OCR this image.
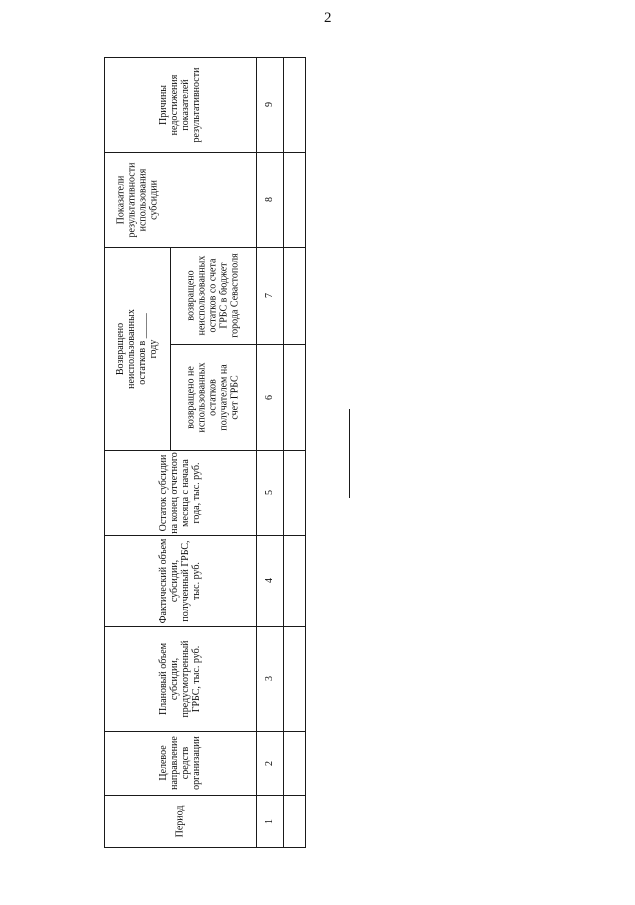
2
Причины недостижения показателей результативности
Показатели результативности использования субсидии
Возвращено неиспользованных остатков в _____ году
возвращено неиспользованных остатков со счета ГРБС в бюджет города Севастополя
возвращено не использованных остатков получателем на счет ГРБС
Остаток субсидии на конец отчетного месяца с начала года, тыс. руб.
Фактический объем субсидии, полученный ГРБС, тыс. руб.
Плановый объем субсидии, предусмотренный ГРБС, тыс. руб.
Целевое направление средств организации
Период
9
8
7
6
5
4
3
2
1
